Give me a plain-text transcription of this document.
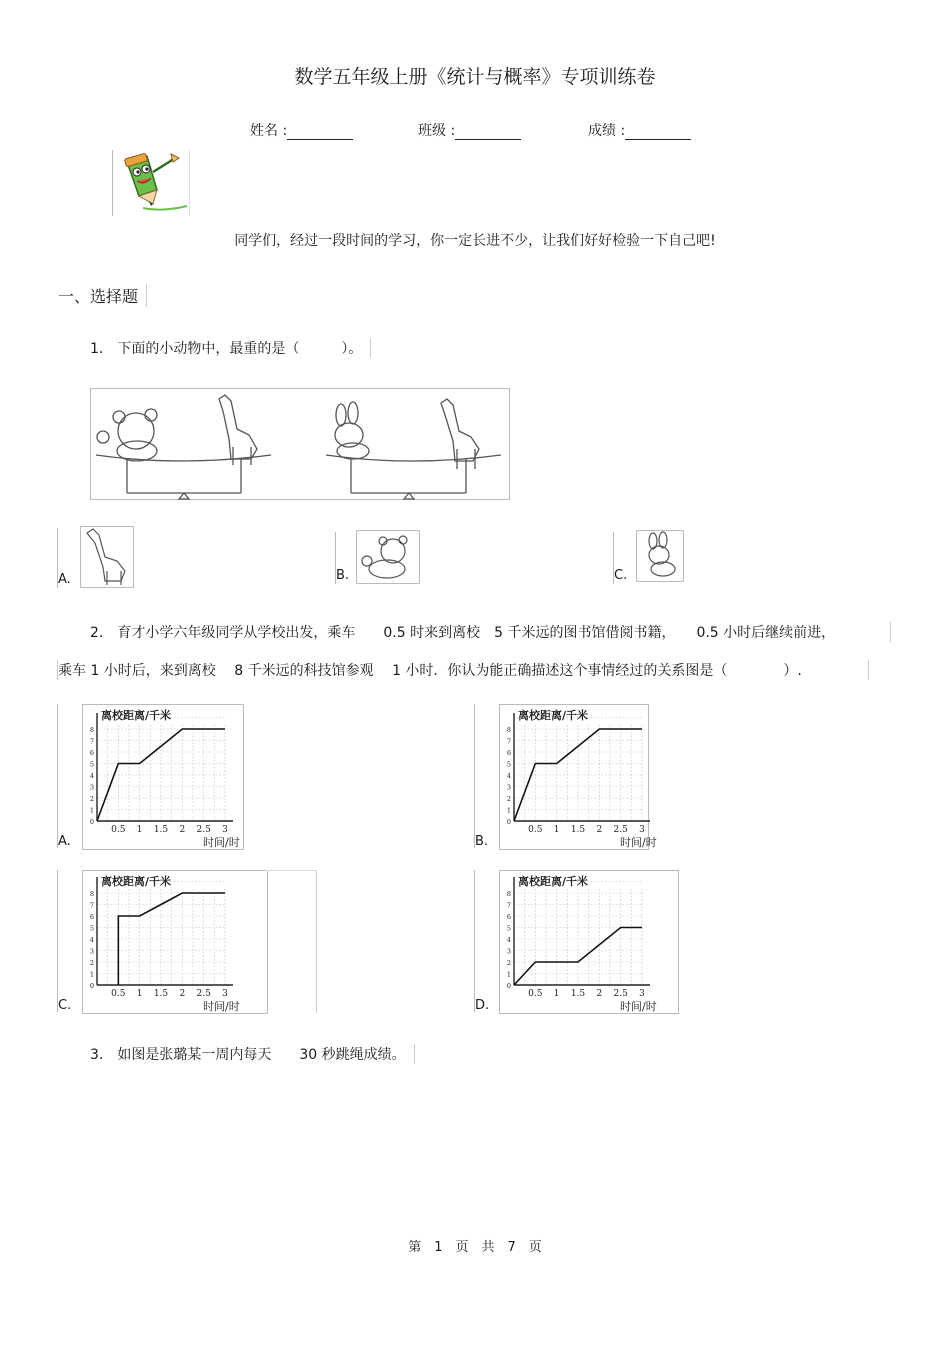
数学五年级上册《统计与概率》专项训练卷
姓名 :	班级 :	成绩 :
同学们，经过一段时间的学习，你一定长进不少，让我们好好检验一下自己吧!
一、选择题
1． 下面的小动物中，最重的是（　　　）。
A.	B.	C.
2． 育才小学六年级同学从学校出发，乘车　　0.5 时来到离校　5 千米远的图书馆借阅书籍，　　0.5 小时后继续前进，
乘车 1 小时后，来到离校　 8 千米远的科技馆参观　 1 小时．你认为能正确描述这个事情经过的关系图是（　　　　）.
A.	B.
C.	D.
离校距离/千米
时间/时
0.5 1 1.5 2 2.5 3
0
1
2
3
4
5
6
7
8
离校距离/千米
时间/时
0.5 1 1.5 2 2.5 3
0
1
2
3
4
5
6
7
8
离校距离/千米
时间/时
0.5 1 1.5 2 2.5 3
0
1
2
3
4
5
6
7
8
离校距离/千米
时间/时
0.5 1 1.5 2 2.5 3
0
1
2
3
4
5
6
7
8
3． 如图是张璐某一周内每天　　30 秒跳绳成绩。
第　1　页　共　7　页
